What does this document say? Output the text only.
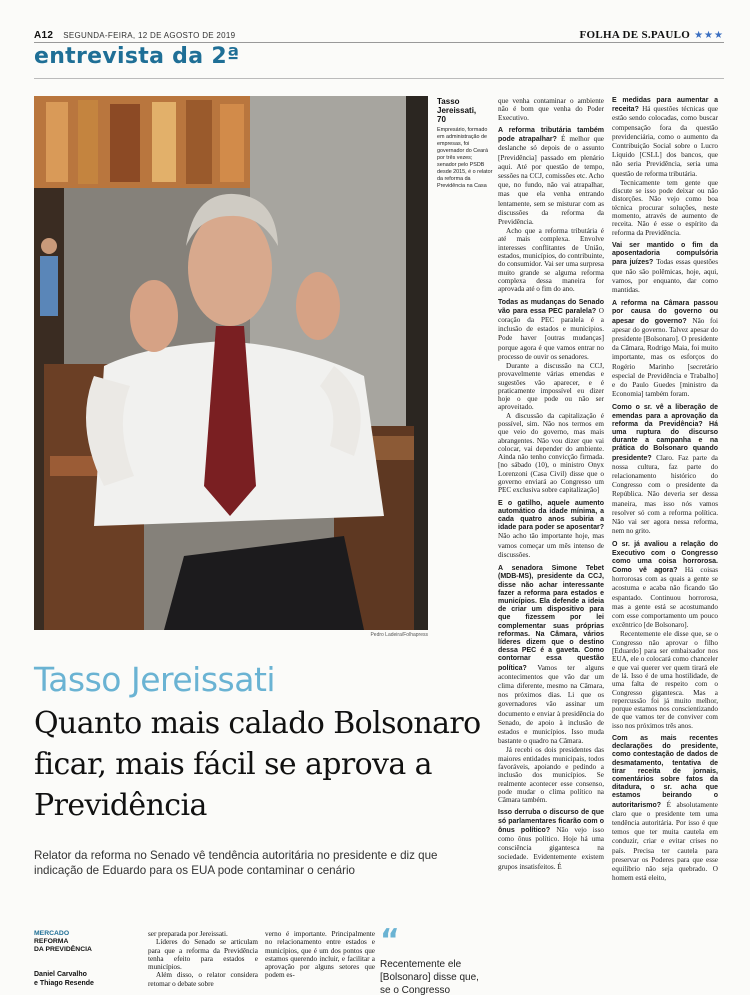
A12 SEGUNDA-FEIRA, 12 DE AGOSTO DE 2019	FOLHA DE S.PAULO ★★★
entrevista da 2ª
Pedro Ladeira/Folhapress
Tasso Jereissati,
70
Empresário, formado em administração de empresas, foi governador do Ceará por três vezes; senador pelo PSDB desde 2015, é o relator da reforma da Previdência na Casa

que venha contaminar o ambiente não é bom que venha do Poder Executivo.

A reforma tributária também pode atrapalhar? É melhor que deslanche só depois de o assunto [Previdência] passado em plenário aqui. Até por questão de tempo, sessões na CCJ, comissões etc. Acho que, no fundo, não vai atrapalhar, mas que ela venha entrando lentamente, sem se misturar com as discussões da reforma da Previdência.

Acho que a reforma tributária é até mais complexa. Envolve interesses conflitantes de União, estados, municípios, do contribuinte, do consumidor. Vai ser uma surpresa muito grande se alguma reforma complexa dessa maneira for aprovada até o fim do ano.

Todas as mudanças do Senado vão para essa PEC paralela? O coração da PEC paralela é a inclusão de estados e municípios. Pode haver [outras mudanças] porque agora é que vamos entrar no processo de ouvir os senadores.

Durante a discussão na CCJ, provavelmente várias emendas e sugestões vão aparecer, e é praticamente impossível eu dizer hoje o que pode ou não ser aproveitado.

A discussão da capitalização é possível, sim. Não nos termos em que veio do governo, mas mais abrangentes. Não vou dizer que vai colocar, vai depender do ambiente. Ainda não tenho convicção firmada. [no sábado (10), o ministro Onyx Lorenzoni (Casa Civil) disse que o governo enviará ao Congresso um PEC exclusiva sobre capitalização]

E o gatilho, aquele aumento automático da idade mínima, a cada quatro anos subiria a idade para poder se aposentar? Não acho tão importante hoje, mas vamos começar um mês intenso de discussões.

A senadora Simone Tebet (MDB-MS), presidente da CCJ, disse não achar interessante fazer a reforma para estados e municípios. Ela defende a ideia de criar um dispositivo para que fizessem por lei complementar suas próprias reformas. Na Câmara, vários líderes dizem que o destino dessa PEC é a gaveta. Como contornar essa questão política? Vamos ter alguns acontecimentos que vão dar um clima diferente, mesmo na Câmara, nos próximos dias. Li que os governadores vão assinar um documento e enviar à presidência do Senado, de apoio à inclusão de estados e municípios. Isso muda bastante o quadro na Câmara.

Já recebi os dois presidentes das maiores entidades municipais, todos favoráveis, apoiando e pedindo a inclusão dos municípios. Se realmente acontecer esse consenso, pode mudar o clima político na Câmara também.

Isso derruba o discurso de que só parlamentares ficarão com o ônus político? Não vejo isso como ônus político. Hoje há uma consciência gigantesca na sociedade. Evidentemente existem grupos insatisfeitos. É

E medidas para aumentar a receita? Há questões técnicas que estão sendo colocadas, como buscar compensação fora da questão previdenciária, como o aumento da Contribuição Social sobre o Lucro Líquido [CSLL] dos bancos, que não seria Previdência, seria uma questão de reforma tributária.

Tecnicamente tem gente que discute se isso pode deixar ou não distorções. Não vejo como boa técnica procurar soluções, neste momento, através de aumento de receita. Não é esse o espírito da reforma da Previdência.

Vai ser mantido o fim da aposentadoria compulsória para juízes? Todas essas questões que não são polêmicas, hoje, aqui, vamos, por enquanto, dar como mantidas.

A reforma na Câmara passou por causa do governo ou apesar do governo? Não foi apesar do governo. Talvez apesar do presidente [Bolsonaro]. O presidente da Câmara, Rodrigo Maia, foi muito importante, mas os esforços do Rogério Marinho [secretário especial de Previdência e Trabalho] e do Paulo Guedes [ministro da Economia] também foram.

Como o sr. vê a liberação de emendas para a aprovação da reforma da Previdência? Há uma ruptura do discurso durante a campanha e na prática do Bolsonaro quando presidente? Claro. Faz parte da nossa cultura, faz parte do relacionamento histórico do Congresso com o presidente da República. Não deveria ser dessa maneira, mas isso nós vamos resolver só com a reforma política. Não vai ser agora nessa reforma, nem no grito.

O sr. já avaliou a relação do Executivo com o Congresso como uma coisa horrorosa. Como vê agora? Há coisas horrorosas com as quais a gente se acostuma e acaba não ficando tão espantado. Continuou horrorosa, mas a gente está se acostumando com esse comportamento um pouco excêntrico [de Bolsonaro].

Recentemente ele disse que, se o Congresso não aprovar o filho [Eduardo] para ser embaixador nos EUA, ele o colocará como chanceler e que vai querer ver quem tirará ele de lá. Isso é de uma hostilidade, de uma falta de respeito com o Congresso gigantesca. Mas a repercussão foi já muito melhor, porque estamos nos conscientizando de que vamos ter de conviver com isso nos próximos três anos.

Com as mais recentes declarações do presidente, como contestação de dados de desmatamento, tentativa de tirar receita de jornais, comentários sobre fatos da ditadura, o sr. acha que estamos beirando o autoritarismo? É absolutamente claro que o presidente tem uma tendência autoritária. Por isso é que temos que ter muita cautela em conduzir, criar e evitar crises no país. Precisa ter cautela para preservar os Poderes para que esse equilíbrio não seja quebrado. O homem está eleito,

Tasso Jereissati
Quanto mais calado Bolsonaro ficar, mais fácil se aprova a Previdência
Relator da reforma no Senado vê tendência autoritária no presidente e diz que indicação de Eduardo para os EUA pode contaminar o cenário
MERCADO
REFORMA
DA PREVIDÊNCIA
Daniel Carvalho
e Thiago Resende

ser preparada por Jereissati.

Líderes do Senado se articulam para que a reforma da Previdência tenha efeito para estados e municípios.

Além disso, o relator considera retomar o debate sobre

verno é importante. Principalmente no relacionamento entre estados e municípios, que é um dos pontos que estamos querendo incluir, e facilitar a aprovação por alguns setores que podem es-

“
Recentemente ele [Bolsonaro] disse que, se o Congresso
